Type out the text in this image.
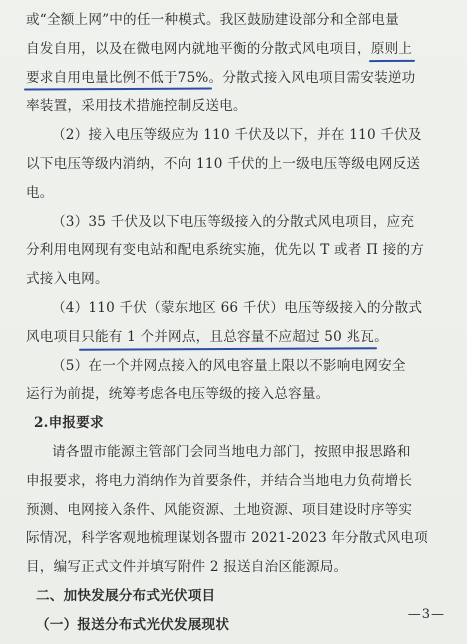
或“全额上网”中的任一种模式。我区鼓励建设部分和全部电量
自发自用，以及在微电网内就地平衡的分散式风电项目，原则上
要求自用电量比例不低于75%。分散式接入风电项目需安装逆功
率装置，采用技术措施控制反送电。
（2）接入电压等级应为 110 千伏及以下，并在 110 千伏及
以下电压等级内消纳，不向 110 千伏的上一级电压等级电网反送
电。
（3）35 千伏及以下电压等级接入的分散式风电项目，应充
分利用电网现有变电站和配电系统实施，优先以 T 或者 Π 接的方
式接入电网。
（4）110 千伏（蒙东地区 66 千伏）电压等级接入的分散式
风电项目只能有 1 个并网点，且总容量不应超过 50 兆瓦。
（5）在一个并网点接入的风电容量上限以不影响电网安全
运行为前提，统筹考虑各电压等级的接入总容量。
2.申报要求
请各盟市能源主管部门会同当地电力部门，按照申报思路和
申报要求，将电力消纳作为首要条件，并结合当地电力负荷增长
预测、电网接入条件、风能资源、土地资源、项目建设时序等实
际情况，科学客观地梳理谋划各盟市 2021-2023 年分散式风电项
目，编写正式文件并填写附件 2 报送自治区能源局。
二、加快发展分布式光伏项目
（一）报送分布式光伏发展现状
—3—
